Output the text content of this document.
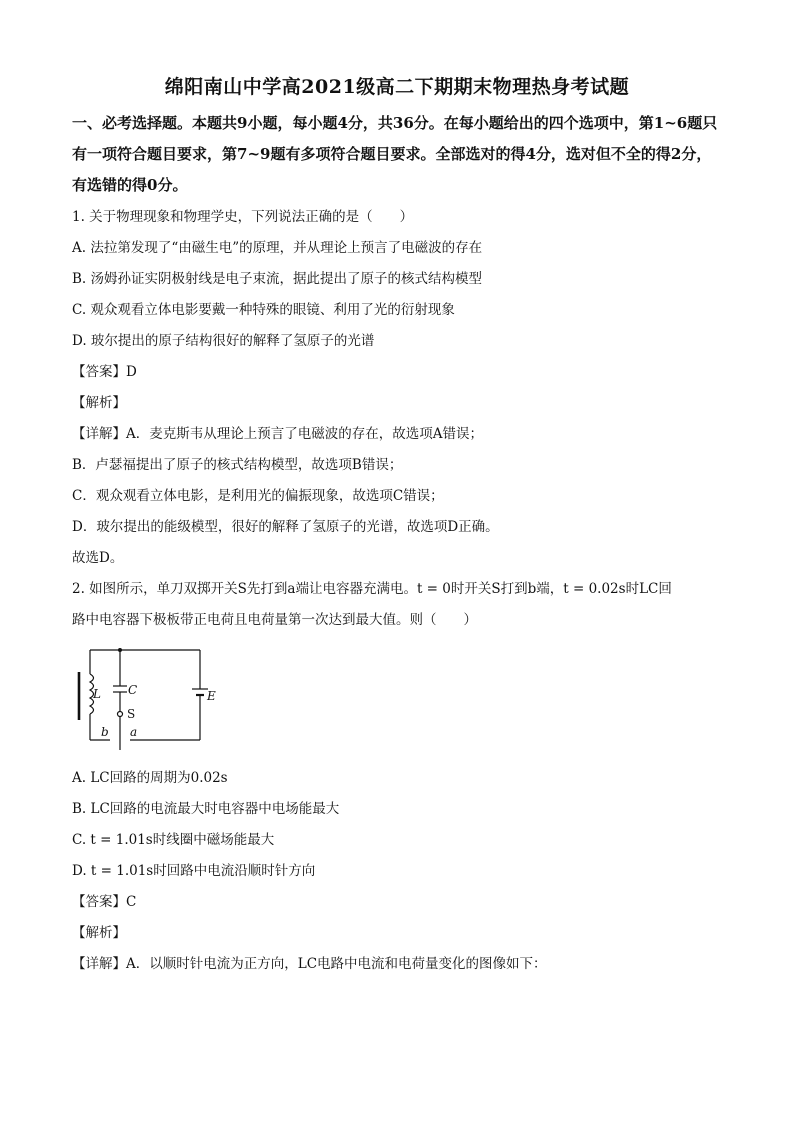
绵阳南山中学高2021级高二下期期末物理热身考试题
一、必考选择题。本题共9小题，每小题4分，共36分。在每小题给出的四个选项中，第1~6题只有一项符合题目要求，第7~9题有多项符合题目要求。全部选对的得4分，选对但不全的得2分，有选错的得0分。
1. 关于物理现象和物理学史，下列说法正确的是（　　）
A. 法拉第发现了“由磁生电”的原理，并从理论上预言了电磁波的存在
B. 汤姆孙证实阴极射线是电子束流，据此提出了原子的核式结构模型
C. 观众观看立体电影要戴一种特殊的眼镜、利用了光的衍射现象
D. 玻尔提出的原子结构很好的解释了氢原子的光谱
【答案】D
【解析】
【详解】A．麦克斯韦从理论上预言了电磁波的存在，故选项A错误；
B．卢瑟福提出了原子的核式结构模型，故选项B错误；
C．观众观看立体电影，是利用光的偏振现象，故选项C错误；
D．玻尔提出的能级模型，很好的解释了氢原子的光谱，故选项D正确。
故选D。
2. 如图所示，单刀双掷开关S先打到a端让电容器充满电。t = 0时开关S打到b端，t = 0.02s时LC回
路中电容器下极板带正电荷且电荷量第一次达到最大值。则（　　）
L C
S
E
b a
A. LC回路的周期为0.02s
B. LC回路的电流最大时电容器中电场能最大
C. t = 1.01s时线圈中磁场能最大
D. t = 1.01s时回路中电流沿顺时针方向
【答案】C
【解析】
【详解】A．以顺时针电流为正方向，LC电路中电流和电荷量变化的图像如下：
